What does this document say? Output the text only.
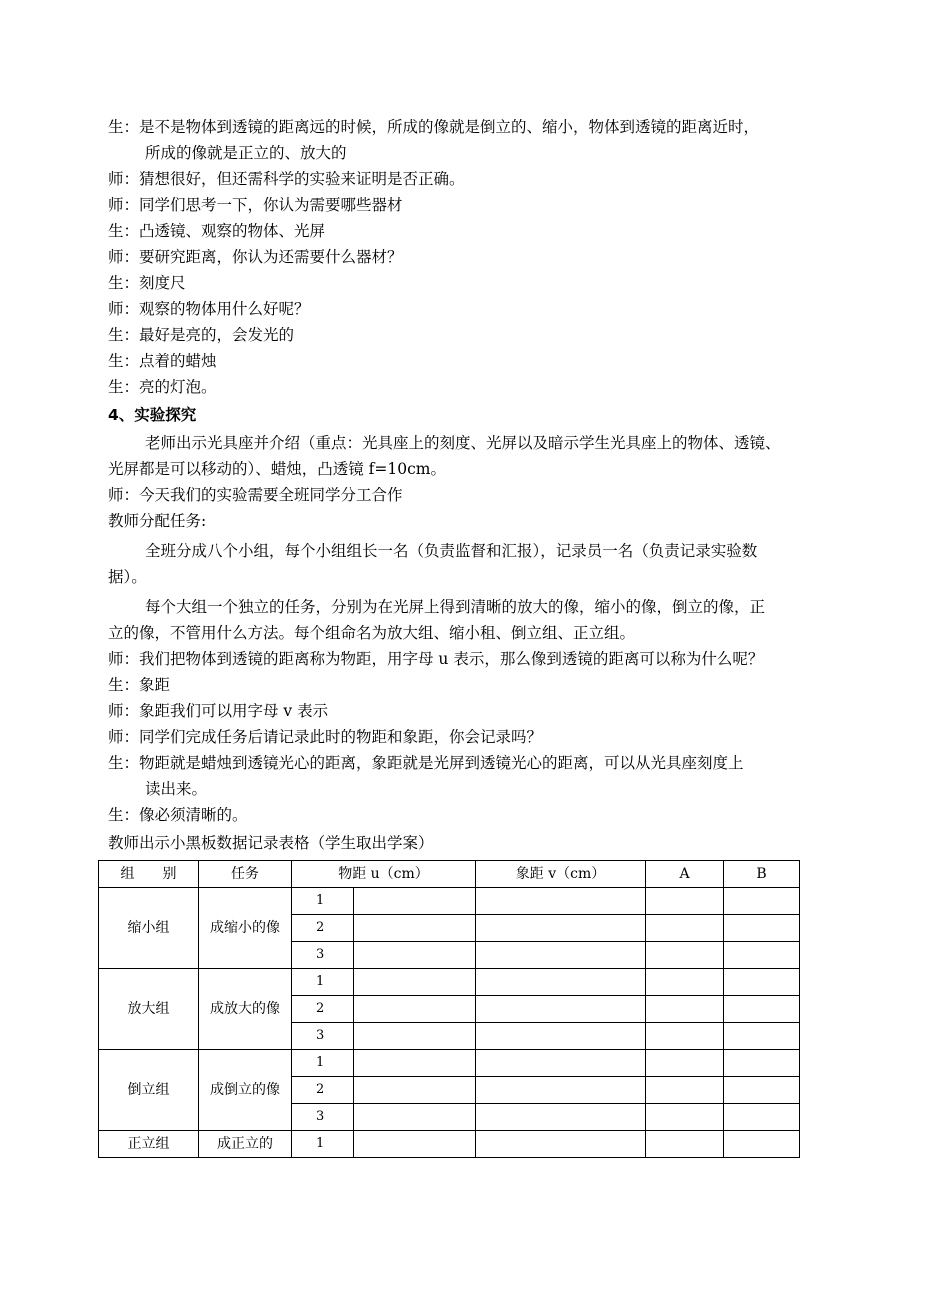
生：是不是物体到透镜的距离远的时候，所成的像就是倒立的、缩小，物体到透镜的距离近时，
所成的像就是正立的、放大的
师：猜想很好，但还需科学的实验来证明是否正确。
师：同学们思考一下，你认为需要哪些器材
生：凸透镜、观察的物体、光屏
师：要研究距离，你认为还需要什么器材？
生：刻度尺
师：观察的物体用什么好呢？
生：最好是亮的，会发光的
生：点着的蜡烛
生：亮的灯泡。
4、实验探究
老师出示光具座并介绍（重点：光具座上的刻度、光屏以及暗示学生光具座上的物体、透镜、
光屏都是可以移动的）、蜡烛，凸透镜 f=10cm。
师：今天我们的实验需要全班同学分工合作
教师分配任务:
全班分成八个小组，每个小组组长一名（负责监督和汇报），记录员一名（负责记录实验数
据）。
每个大组一个独立的任务，分别为在光屏上得到清晰的放大的像，缩小的像，倒立的像，正
立的像，不管用什么方法。每个组命名为放大组、缩小租、倒立组、正立组。
师：我们把物体到透镜的距离称为物距，用字母 u 表示，那么像到透镜的距离可以称为什么呢？
生：象距
师：象距我们可以用字母 v 表示
师：同学们完成任务后请记录此时的物距和象距，你会记录吗？
生：物距就是蜡烛到透镜光心的距离，象距就是光屏到透镜光心的距离，可以从光具座刻度上
读出来。
生：像必须清晰的。
教师出示小黑板数据记录表格（学生取出学案）
组　　别	任务	物距 u（cm）		象距 v（cm）	A	B
缩小组	成缩小的像	1				
		2				
		3				
放大组	成放大的像	1				
		2				
		3				
倒立组	成倒立的像	1				
		2				
		3				
正立组	成正立的	1				
